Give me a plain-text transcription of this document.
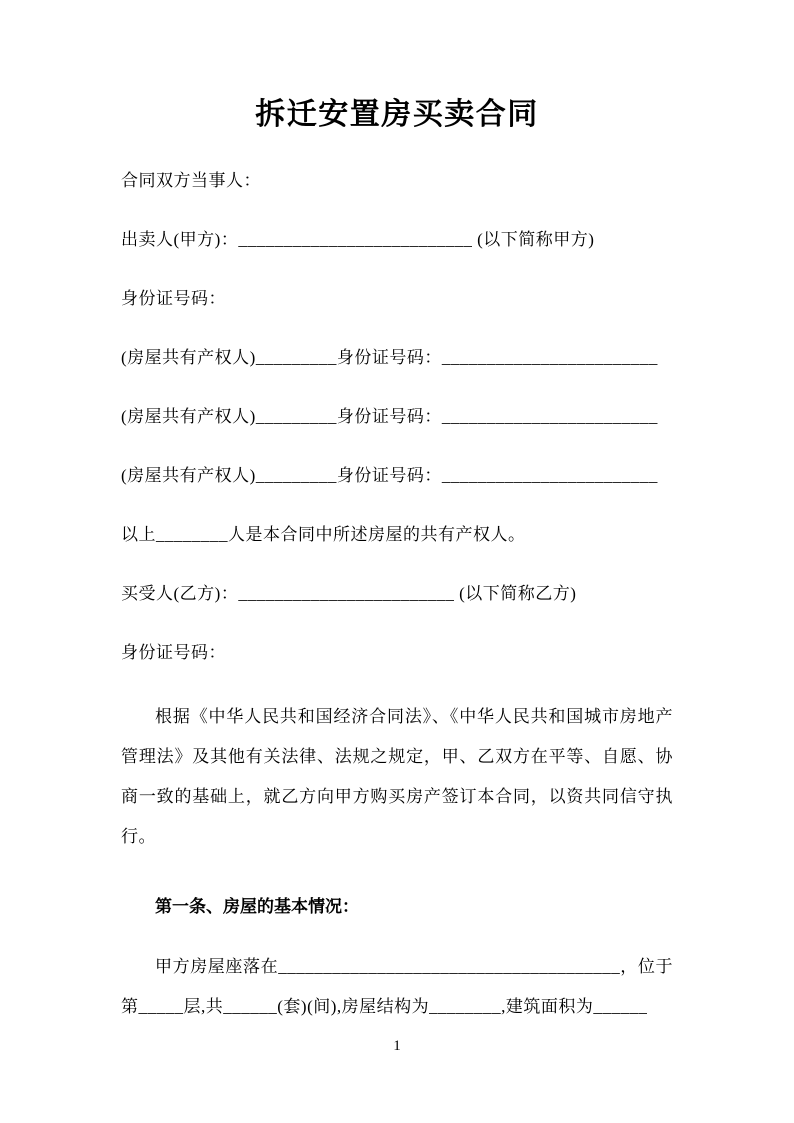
拆迁安置房买卖合同

合同双方当事人：

出卖人(甲方)：__________________________ (以下简称甲方)

身份证号码：

(房屋共有产权人)_________身份证号码：________________________

(房屋共有产权人)_________身份证号码：________________________

(房屋共有产权人)_________身份证号码：________________________

以上________人是本合同中所述房屋的共有产权人。

买受人(乙方)：________________________ (以下简称乙方)

身份证号码：

根据《中华人民共和国经济合同法》、《中华人民共和国城市房地产管理法》及其他有关法律、法规之规定，甲、乙双方在平等、自愿、协商一致的基础上，就乙方向甲方购买房产签订本合同，以资共同信守执行。

第一条、房屋的基本情况：

甲方房屋座落在______________________________________，位于第_____层,共______(套)(间),房屋结构为________,建筑面积为______

1
